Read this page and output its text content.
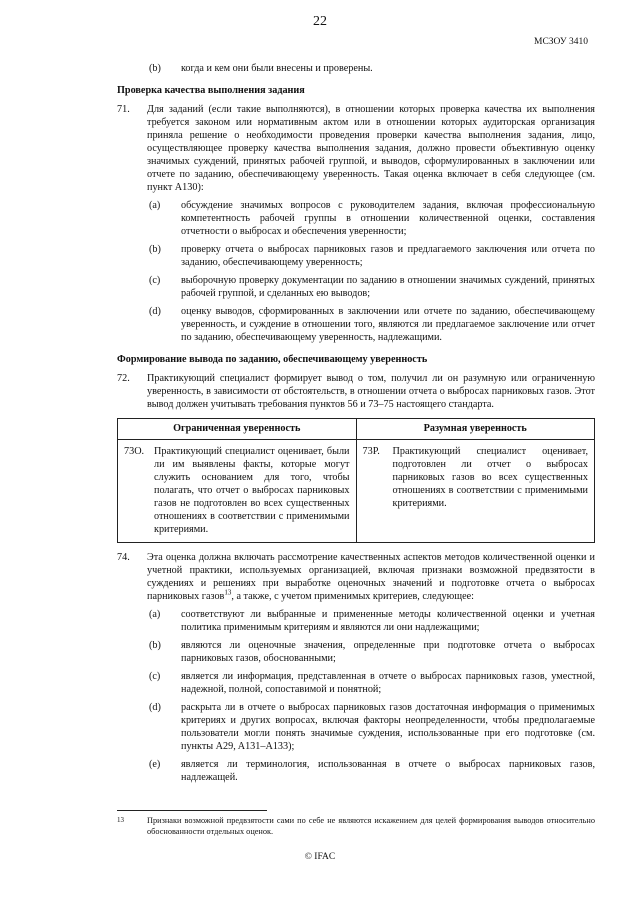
22
МСЗОУ 3410
(b) когда и кем они были внесены и проверены.
Проверка качества выполнения задания
71. Для заданий (если такие выполняются), в отношении которых проверка качества их выполнения требуется законом или нормативным актом или в отношении которых аудиторская организация приняла решение о необходимости проведения проверки качества выполнения задания, лицо, осуществляющее проверку качества выполнения задания, должно провести объективную оценку значимых суждений, принятых рабочей группой, и выводов, сформулированных в заключении или отчете по заданию, обеспечивающему уверенность. Такая оценка включает в себя следующее (см. пункт A130):
(a) обсуждение значимых вопросов с руководителем задания, включая профессиональную компетентность рабочей группы в отношении количественной оценки, составления отчетности о выбросах и обеспечения уверенности;
(b) проверку отчета о выбросах парниковых газов и предлагаемого заключения или отчета по заданию, обеспечивающему уверенность;
(c) выборочную проверку документации по заданию в отношении значимых суждений, принятых рабочей группой, и сделанных ею выводов;
(d) оценку выводов, сформированных в заключении или отчете по заданию, обеспечивающему уверенность, и суждение в отношении того, являются ли предлагаемое заключение или отчет по заданию, обеспечивающему уверенность, надлежащими.
Формирование вывода по заданию, обеспечивающему уверенность
72. Практикующий специалист формирует вывод о том, получил ли он разумную или ограниченную уверенность, в зависимости от обстоятельств, в отношении отчета о выбросах парниковых газов. Этот вывод должен учитывать требования пунктов 56 и 73–75 настоящего стандарта.
Ограниченная уверенность	Разумная уверенность

73O. Практикующий специалист оценивает, были ли им выявлены факты, которые могут служить основанием для того, чтобы полагать, что отчет о выбросах парниковых газов не подготовлен во всех существенных отношениях в соответствии с применимыми критериями.	73P. Практикующий специалист оценивает, подготовлен ли отчет о выбросах парниковых газов во всех существенных отношениях в соответствии с применимыми критериями.
74. Эта оценка должна включать рассмотрение качественных аспектов методов количественной оценки и учетной практики, используемых организацией, включая признаки возможной предвзятости в суждениях и решениях при выработке оценочных значений и подготовке отчета о выбросах парниковых газов$^{13}$, а также, с учетом применимых критериев, следующее:
(a) соответствуют ли выбранные и примененные методы количественной оценки и учетная политика применимым критериям и являются ли они надлежащими;
(b) являются ли оценочные значения, определенные при подготовке отчета о выбросах парниковых газов, обоснованными;
(c) является ли информация, представленная в отчете о выбросах парниковых газов, уместной, надежной, полной, сопоставимой и понятной;
(d) раскрыта ли в отчете о выбросах парниковых газов достаточная информация о применимых критериях и других вопросах, включая факторы неопределенности, чтобы предполагаемые пользователи могли понять значимые суждения, использованные при его подготовке (см. пункты A29, A131–A133);
(e) является ли терминология, использованная в отчете о выбросах парниковых газов, надлежащей.
13	Признаки возможной предвзятости сами по себе не являются искажением для целей формирования выводов относительно обоснованности отдельных оценок.
© IFAC
